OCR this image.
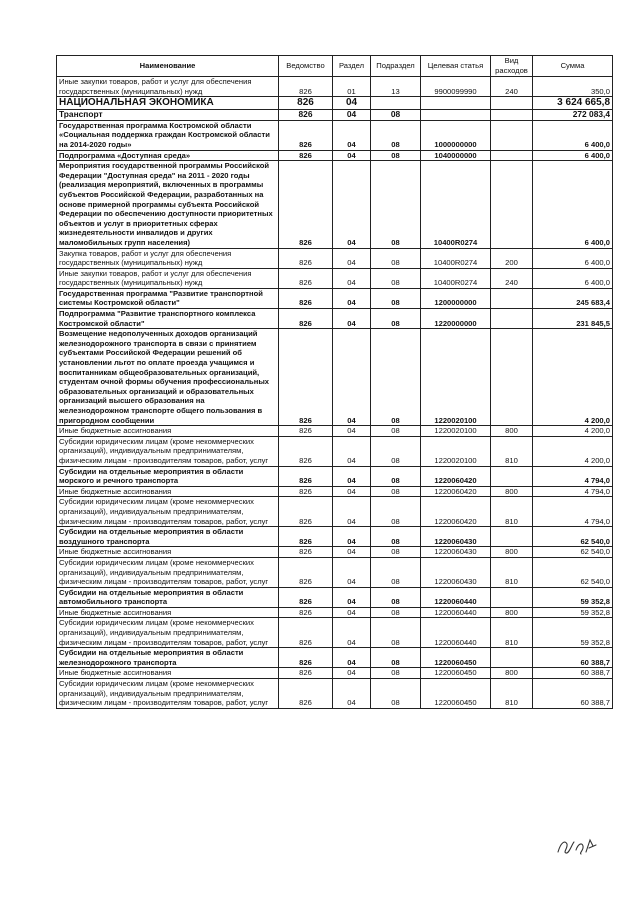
Наименование	Ведомство	Раздел	Подраздел	Целевая статья	Вид расходов	Сумма
Иные закупки товаров, работ и услуг для обеспечения государственных (муниципальных) нужд	826	01	13	9900099990	240	350,0
НАЦИОНАЛЬНАЯ ЭКОНОМИКА	826	04				3 624 665,8
Транспорт	826	04	08			272 083,4
Государственная программа Костромской области «Социальная поддержка граждан Костромской области на 2014-2020 годы»	826	04	08	1000000000		6 400,0
Подпрограмма «Доступная среда»	826	04	08	1040000000		6 400,0
Мероприятия государственной программы Российской Федерации "Доступная среда" на 2011 - 2020 годы (реализация мероприятий, включенных в программы субъектов Российской Федерации, разработанных на основе примерной программы субъекта Российской Федерации по обеспечению доступности приоритетных объектов и услуг в приоритетных сферах жизнедеятельности инвалидов и других маломобильных групп населения)	826	04	08	10400R0274		6 400,0
Закупка товаров, работ и услуг для обеспечения государственных (муниципальных) нужд	826	04	08	10400R0274	200	6 400,0
Иные закупки товаров, работ и услуг для обеспечения государственных (муниципальных) нужд	826	04	08	10400R0274	240	6 400,0
Государственная программа "Развитие транспортной системы Костромской области"	826	04	08	1200000000		245 683,4
Подпрограмма "Развитие транспортного комплекса Костромской области"	826	04	08	1220000000		231 845,5
Возмещение недополученных доходов организаций железнодорожного транспорта в связи с принятием субъектами Российской Федерации решений об установлении льгот по оплате проезда учащимся и воспитанникам общеобразовательных организаций, студентам очной формы обучения профессиональных образовательных организаций и образовательных организаций высшего образования на железнодорожном транспорте общего пользования в пригородном сообщении	826	04	08	1220020100		4 200,0
Иные бюджетные ассигнования	826	04	08	1220020100	800	4 200,0
Субсидии юридическим лицам (кроме некоммерческих организаций), индивидуальным предпринимателям, физическим лицам - производителям товаров, работ, услуг	826	04	08	1220020100	810	4 200,0
Субсидии на отдельные мероприятия в области морского и речного транспорта	826	04	08	1220060420		4 794,0
Иные бюджетные ассигнования	826	04	08	1220060420	800	4 794,0
Субсидии юридическим лицам (кроме некоммерческих организаций), индивидуальным предпринимателям, физическим лицам - производителям товаров, работ, услуг	826	04	08	1220060420	810	4 794,0
Субсидии на отдельные мероприятия в области воздушного транспорта	826	04	08	1220060430		62 540,0
Иные бюджетные ассигнования	826	04	08	1220060430	800	62 540,0
Субсидии юридическим лицам (кроме некоммерческих организаций), индивидуальным предпринимателям, физическим лицам - производителям товаров, работ, услуг	826	04	08	1220060430	810	62 540,0
Субсидии на отдельные мероприятия в области автомобильного транспорта	826	04	08	1220060440		59 352,8
Иные бюджетные ассигнования	826	04	08	1220060440	800	59 352,8
Субсидии юридическим лицам (кроме некоммерческих организаций), индивидуальным предпринимателям, физическим лицам - производителям товаров, работ, услуг	826	04	08	1220060440	810	59 352,8
Субсидии на отдельные мероприятия в области железнодорожного транспорта	826	04	08	1220060450		60 388,7
Иные бюджетные ассигнования	826	04	08	1220060450	800	60 388,7
Субсидии юридическим лицам (кроме некоммерческих организаций), индивидуальным предпринимателям, физическим лицам - производителям товаров, работ, услуг	826	04	08	1220060450	810	60 388,7
